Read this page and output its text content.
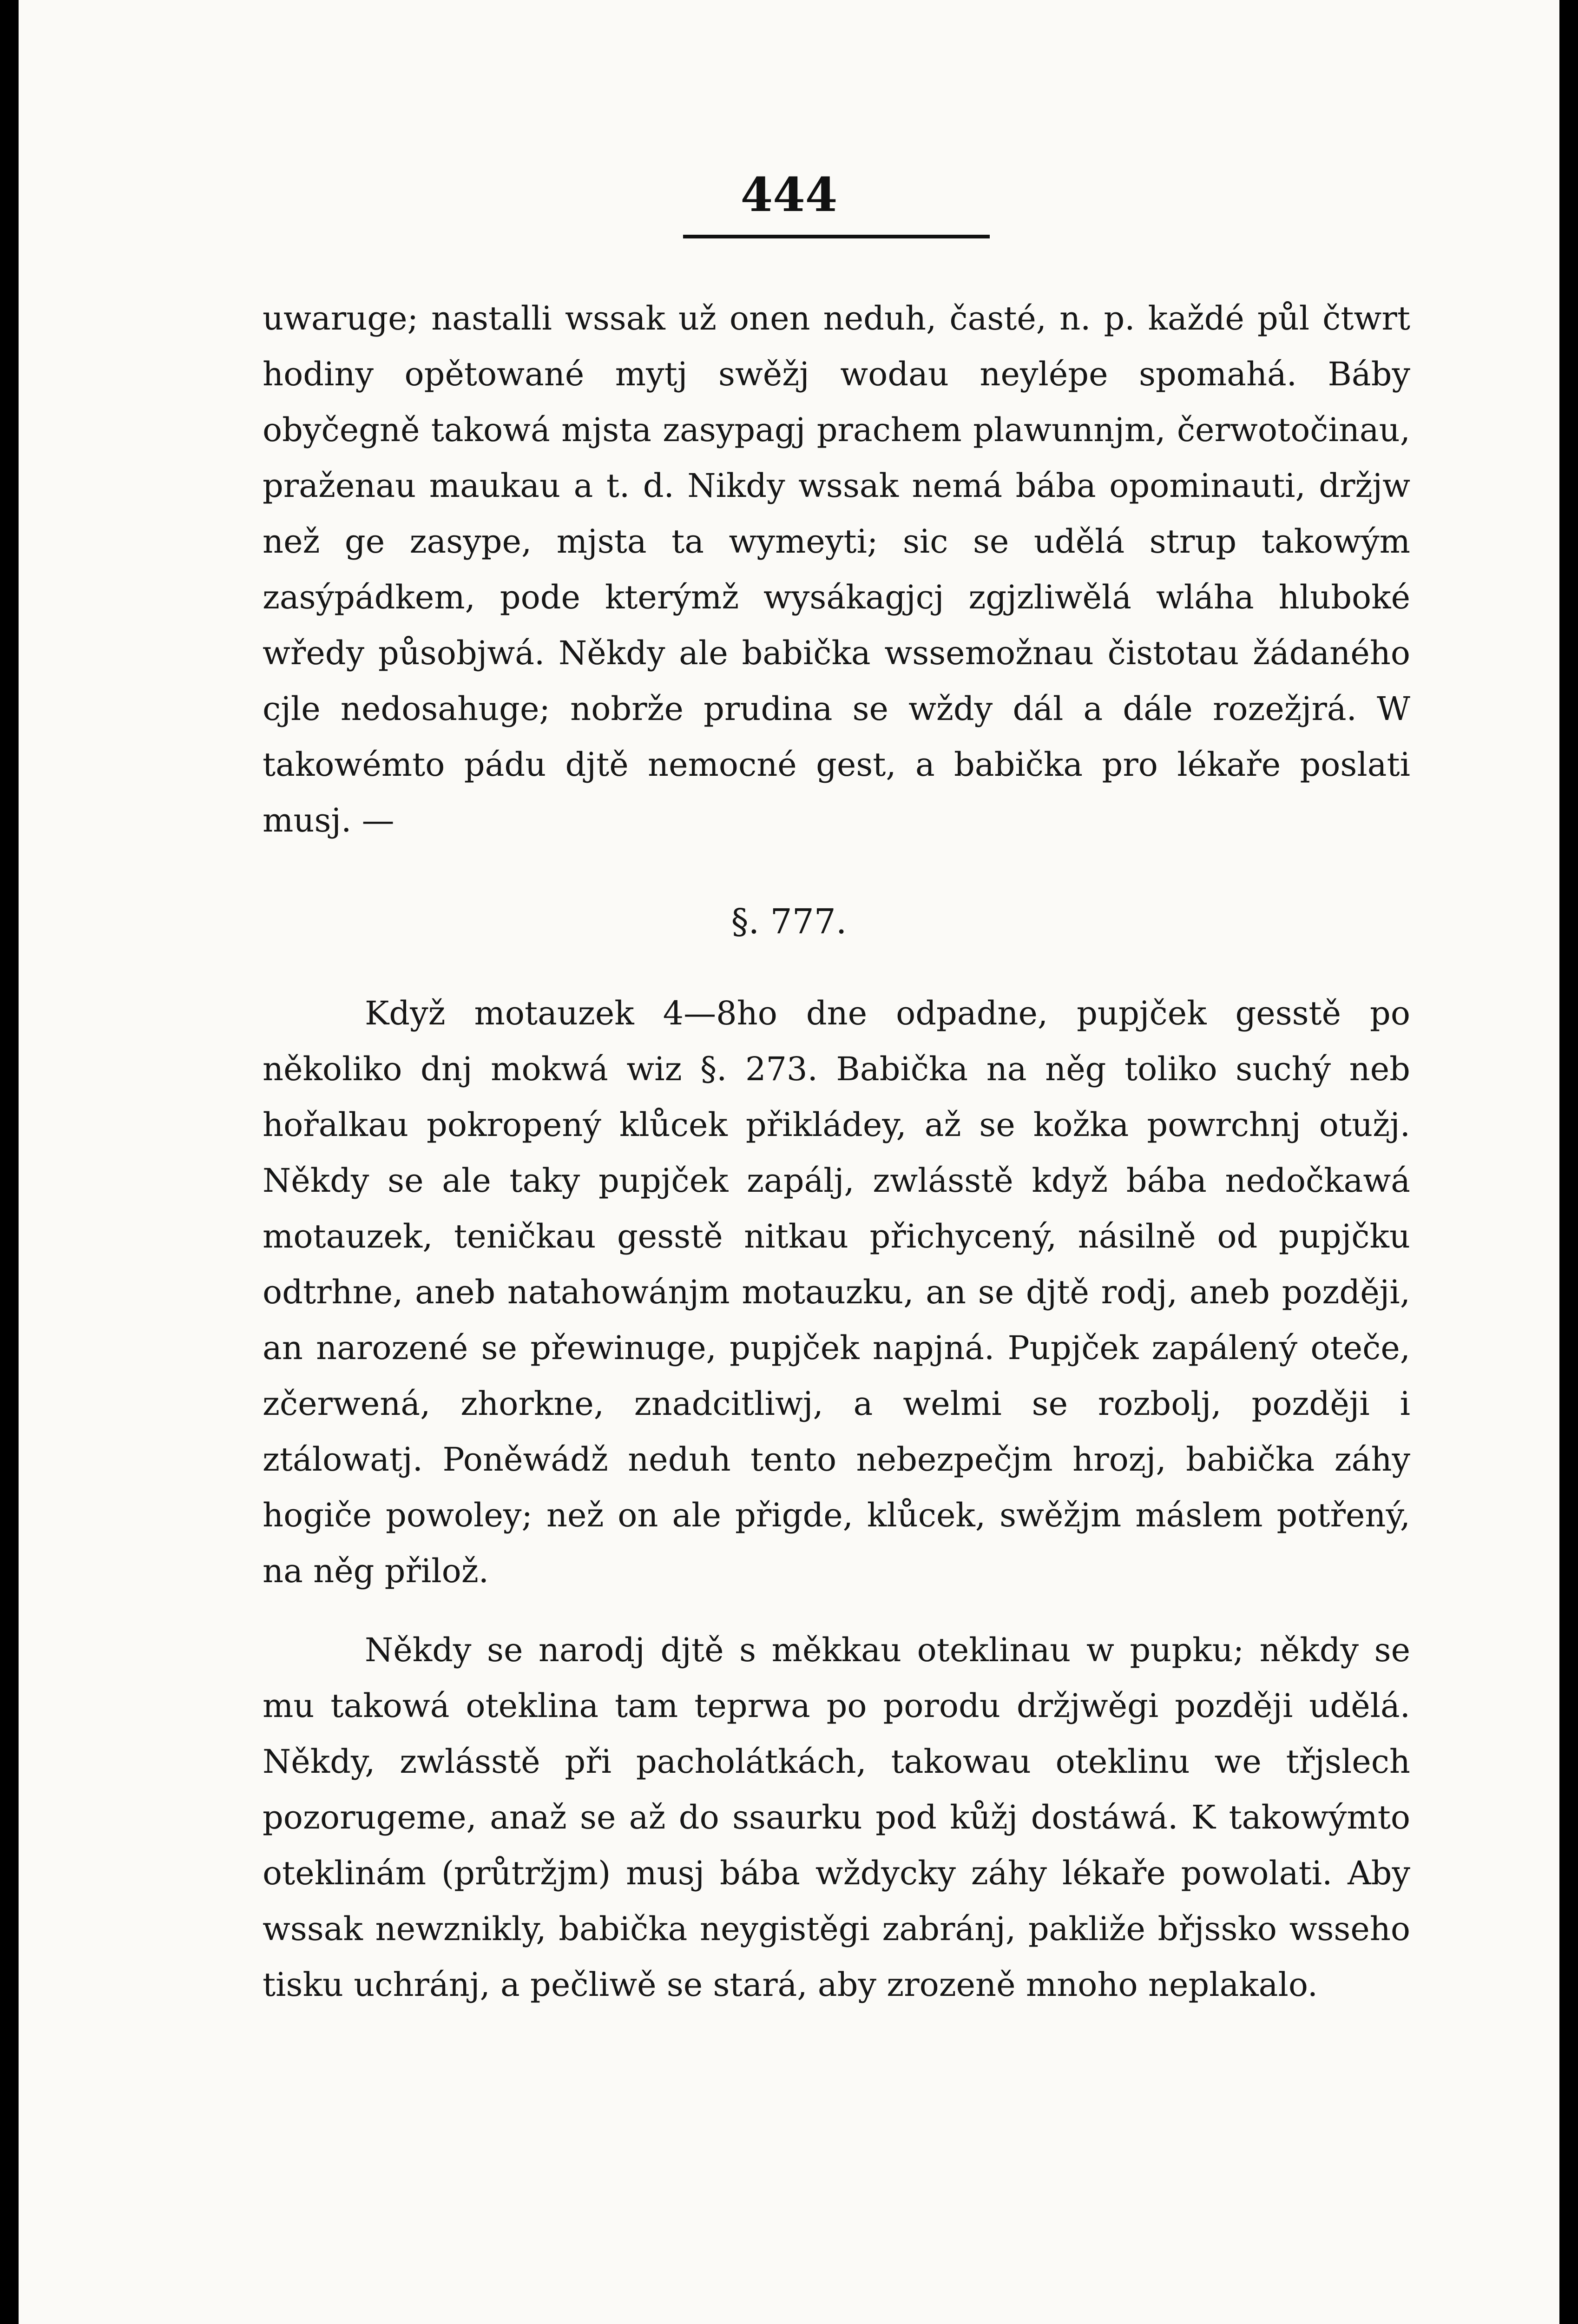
444

uwaruge; nastalli wssak už onen neduh, časté, n. p. každé půl čtwrt hodiny opětowané mytj swěžj wodau neylépe spomahá. Báby obyčegně takowá mjsta zasypagj prachem plawunnjm, čerwotočinau, praženau maukau a t. d. Nikdy wssak nemá bába opominauti, držjw než ge zasype, mjsta ta wymeyti; sic se udělá strup takowým zasýpádkem, pode kterýmž wysákagjcj zgjzliwělá wláha hluboké wředy působjwá. Někdy ale babička wssemožnau čistotau žádaného cjle nedosahuge; nobrže prudina se wždy dál a dále rozežjrá. W takowémto pádu djtě nemocné gest, a babička pro lékaře poslati musj. —

§. 777.

Když motauzek 4—8ho dne odpadne, pupjček gesstě po několiko dnj mokwá wiz §. 273. Babička na něg toliko suchý neb hořalkau pokropený klůcek přikládey, až se kožka powrchnj otužj. Někdy se ale taky pupjček zapálj, zwlásstě když bába nedočkawá motauzek, teničkau gesstě nitkau přichycený, násilně od pupjčku odtrhne, aneb natahowánjm motauzku, an se djtě rodj, aneb později, an narozené se přewinuge, pupjček napjná. Pupjček zapálený oteče, zčerwená, zhorkne, znadcitliwj, a welmi se rozbolj, později i ztálowatj. Poněwádž neduh tento nebezpečjm hrozj, babička záhy hogiče powoley; než on ale přigde, klůcek, swěžjm máslem potřený, na něg přilož.

Někdy se narodj djtě s měkkau oteklinau w pupku; někdy se mu takowá oteklina tam teprwa po porodu držjwěgi později udělá. Někdy, zwlásstě při pacholátkách, takowau oteklinu we třjslech pozorugeme, anaž se až do ssaurku pod kůžj dostáwá. K takowýmto oteklinám (průtržjm) musj bába wždycky záhy lékaře powolati. Aby wssak newznikly, babička neygistěgi zabránj, pakliže břjssko wsseho tisku uchránj, a pečliwě se stará, aby zrozeně mnoho neplakalo.
